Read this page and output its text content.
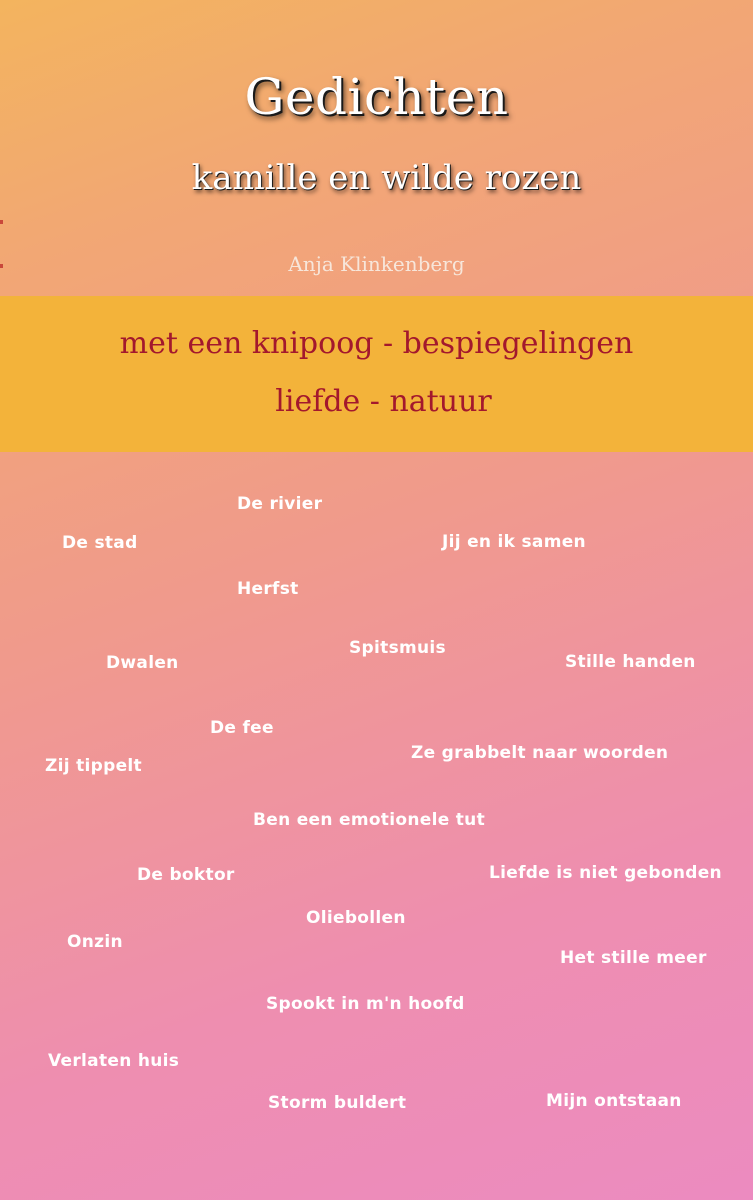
Gedichten
kamille en wilde rozen
Anja Klinkenberg
met een knipoog - bespiegelingen
liefde - natuur
De rivier
De stad	Jij en ik samen
Herfst
Spitsmuis
Dwalen	Stille handen
De fee
Zij tippelt
Ze grabbelt naar woorden
Ben een emotionele tut
De boktor	Liefde is niet gebonden
Oliebollen
Onzin
Het stille meer
Spookt in m'n hoofd
Verlaten huis
Storm buldert	Mijn ontstaan
